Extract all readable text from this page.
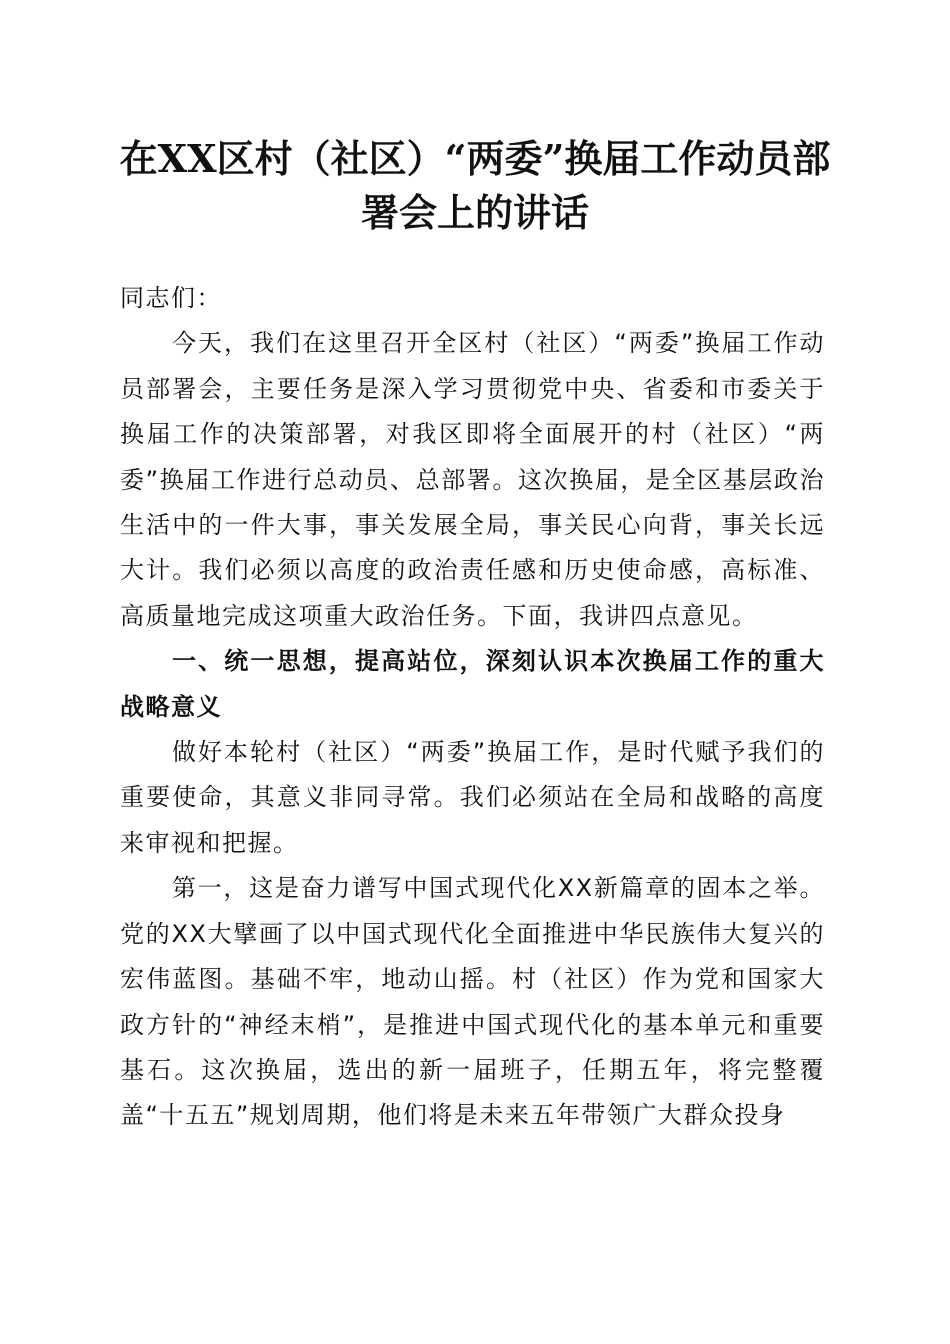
在XX区村（社区）“两委”换届工作动员部
署会上的讲话

同志们：

今天，我们在这里召开全区村（社区）“两委”换届工作动员部署会，主要任务是深入学习贯彻党中央、省委和市委关于换届工作的决策部署，对我区即将全面展开的村（社区）“两委”换届工作进行总动员、总部署。这次换届，是全区基层政治生活中的一件大事，事关发展全局，事关民心向背，事关长远大计。我们必须以高度的政治责任感和历史使命感，高标准、高质量地完成这项重大政治任务。下面，我讲四点意见。

一、统一思想，提高站位，深刻认识本次换届工作的重大战略意义

做好本轮村（社区）“两委”换届工作，是时代赋予我们的重要使命，其意义非同寻常。我们必须站在全局和战略的高度来审视和把握。

第一，这是奋力谱写中国式现代化XX新篇章的固本之举。党的XX大擘画了以中国式现代化全面推进中华民族伟大复兴的宏伟蓝图。基础不牢，地动山摇。村（社区）作为党和国家大政方针的“神经末梢”，是推进中国式现代化的基本单元和重要基石。这次换届，选出的新一届班子，任期五年，将完整覆盖“十五五”规划周期，他们将是未来五年带领广大群众投身
